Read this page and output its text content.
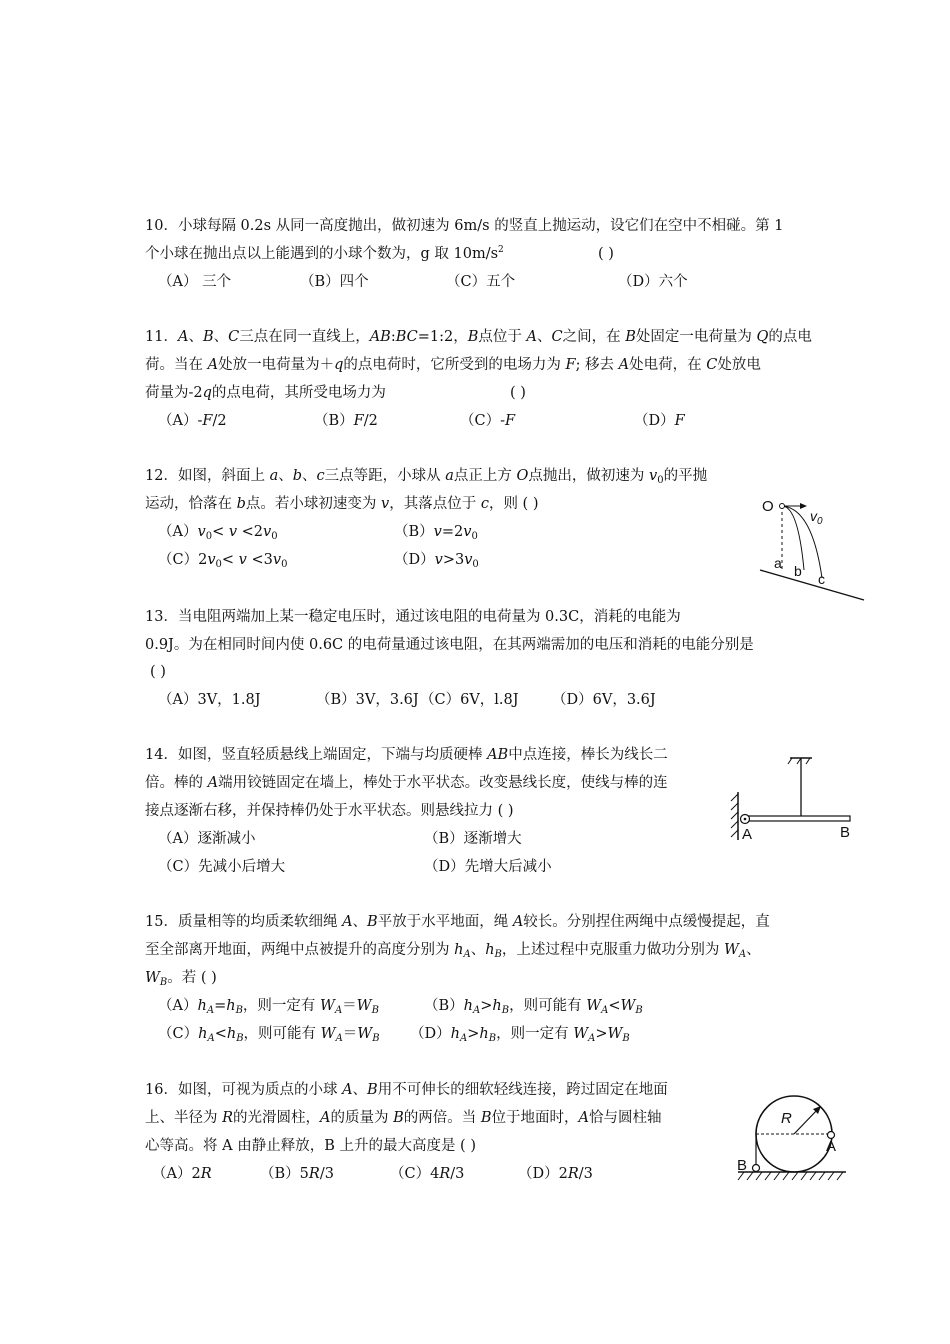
10．小球每隔 0.2s 从同一高度抛出，做初速为 6m/s 的竖直上抛运动，设它们在空中不相碰。第 1
个小球在抛出点以上能遇到的小球个数为，g 取 $10m/s^2$	( )
（A） 三个	（B）四个	（C）五个	（D）六个
11．A、B、C三点在同一直线上，AB:BC=1:2，B点位于 A、C之间，在 B处固定一电荷量为 Q的点电
荷。当在 A处放一电荷量为＋q的点电荷时，它所受到的电场力为 F; 移去 A处电荷，在 C处放电
荷量为-2q的点电荷，其所受电场力为	( )
（A）-F/2	（B）F/2	（C）-F	（D）F
12．如图，斜面上 a、b、c三点等距，小球从 a点正上方 O点抛出，做初速为 $v_0$的平抛
运动，恰落在 b点。若小球初速变为 v，其落点位于 c，则 ( )
$(A)v_0< v <2v_0$	$(B)v=2v_0$
$(C)2v_0< v <3v_0$	$(D)v>3v_0$
O
$v_0$
a b c
13．当电阻两端加上某一稳定电压时，通过该电阻的电荷量为 0.3C，消耗的电能为
0.9J。为在相同时间内使 0.6C 的电荷量通过该电阻，在其两端需加的电压和消耗的电能分别是
( )
（A）3V，1.8J	（B）3V，3.6J （C）6V，l.8J （D）6V，3.6J
14．如图，竖直轻质悬线上端固定，下端与均质硬棒 AB中点连接，棒长为线长二
倍。棒的 A端用铰链固定在墙上，棒处于水平状态。改变悬线长度，使线与棒的连
接点逐渐右移，并保持棒仍处于水平状态。则悬线拉力 ( )
（A）逐渐减小	（B）逐渐增大
（C）先减小后增大	（D）先增大后减小
A	B
15．质量相等的均质柔软细绳 A、B平放于水平地面，绳 A较长。分别捏住两绳中点缓慢提起，直
至全部离开地面，两绳中点被提升的高度分别为 $h_A$、$h_B$，上述过程中克服重力做功分别为 $W_A$、
$W_B$。若 ( )
$(A)h_A=h_B$，则一定有 $W_A=W_B$	$(B)h_A>h_B$，则可能有 $W_A<W_B$
$(C)h_A<h_B$，则可能有 $W_A=W_B$ $(D)h_A>h_B$，则一定有 $W_A>W_B$
16．如图，可视为质点的小球 A、B用不可伸长的细软轻线连接，跨过固定在地面
上、半径为 R的光滑圆柱，A的质量为 B的两倍。当 B位于地面时，A恰与圆柱轴
心等高。将 A 由静止释放，B 上升的最大高度是 ( )
（A）2R	（B）5R/3	（C）4R/3	（D）2R/3
R
A
B
